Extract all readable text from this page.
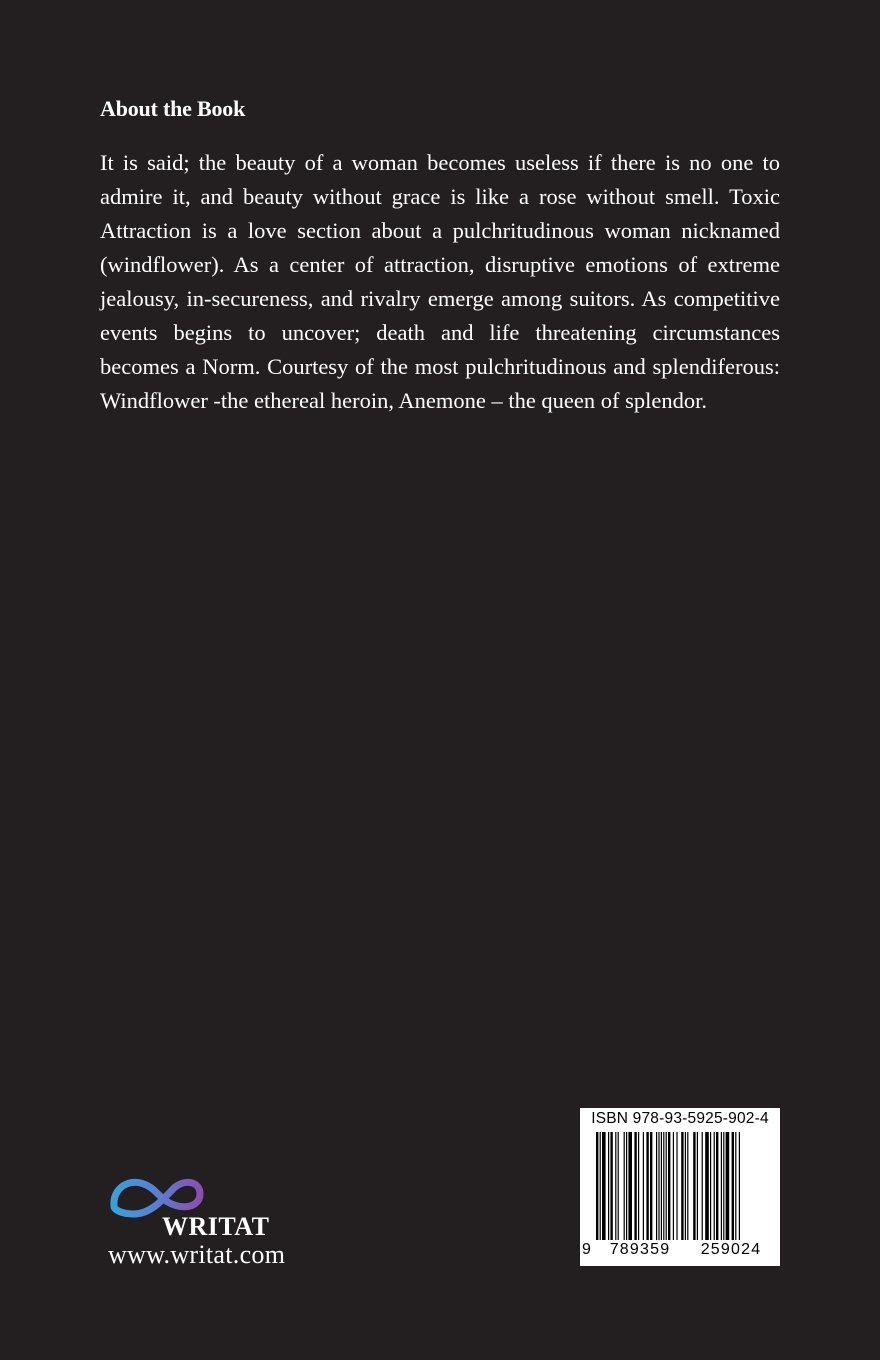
About the Book

It is said; the beauty of a woman becomes useless if there is no one to admire it, and beauty without grace is like a rose without smell. Toxic Attraction is a love section about a pulchritudinous woman nicknamed (windflower). As a center of attraction, disruptive emotions of extreme jealousy, in-secureness, and rivalry emerge among suitors. As competitive events begins to uncover; death and life threatening circumstances becomes a Norm. Courtesy of the most pulchritudinous and splendiferous: Windflower -the ethereal heroin, Anemone – the queen of splendor.

WRITAT
www.writat.com
ISBN 978-93-5925-902-4
9	789359	259024
